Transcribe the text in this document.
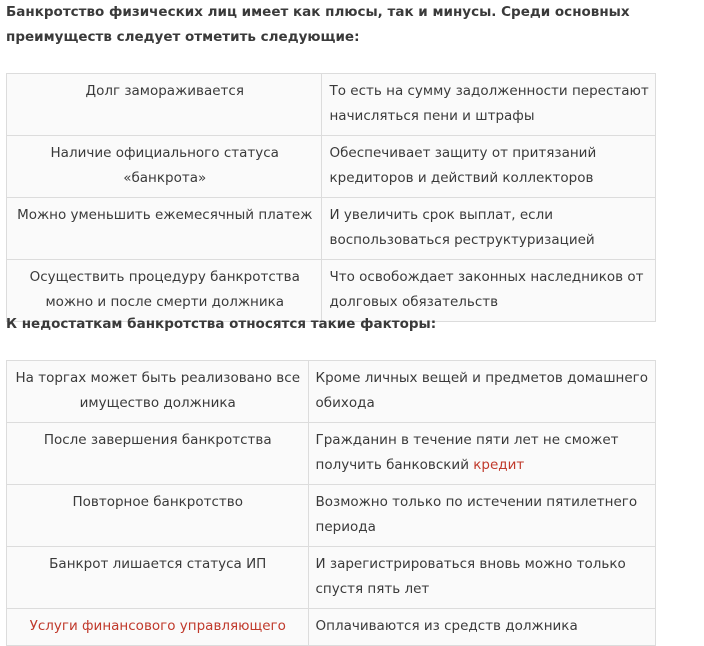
Банкротство физических лиц имеет как плюсы, так и минусы. Среди основных преимуществ следует отметить следующие:

Долг замораживается	То есть на сумму задолженности перестают начисляться пени и штрафы
Наличие официального статуса «банкрота»	Обеспечивает защиту от притязаний кредиторов и действий коллекторов
Можно уменьшить ежемесячный платеж	И увеличить срок выплат, если воспользоваться реструктуризацией
Осуществить процедуру банкротства можно и после смерти должника	Что освобождает законных наследников от долговых обязательств

К недостаткам банкротства относятся такие факторы:

На торгах может быть реализовано все имущество должника	Кроме личных вещей и предметов домашнего обихода
После завершения банкротства	Гражданин в течение пяти лет не сможет получить банковский кредит
Повторное банкротство	Возможно только по истечении пятилетнего периода
Банкрот лишается статуса ИП	И зарегистрироваться вновь можно только спустя пять лет
Услуги финансового управляющего	Оплачиваются из средств должника
